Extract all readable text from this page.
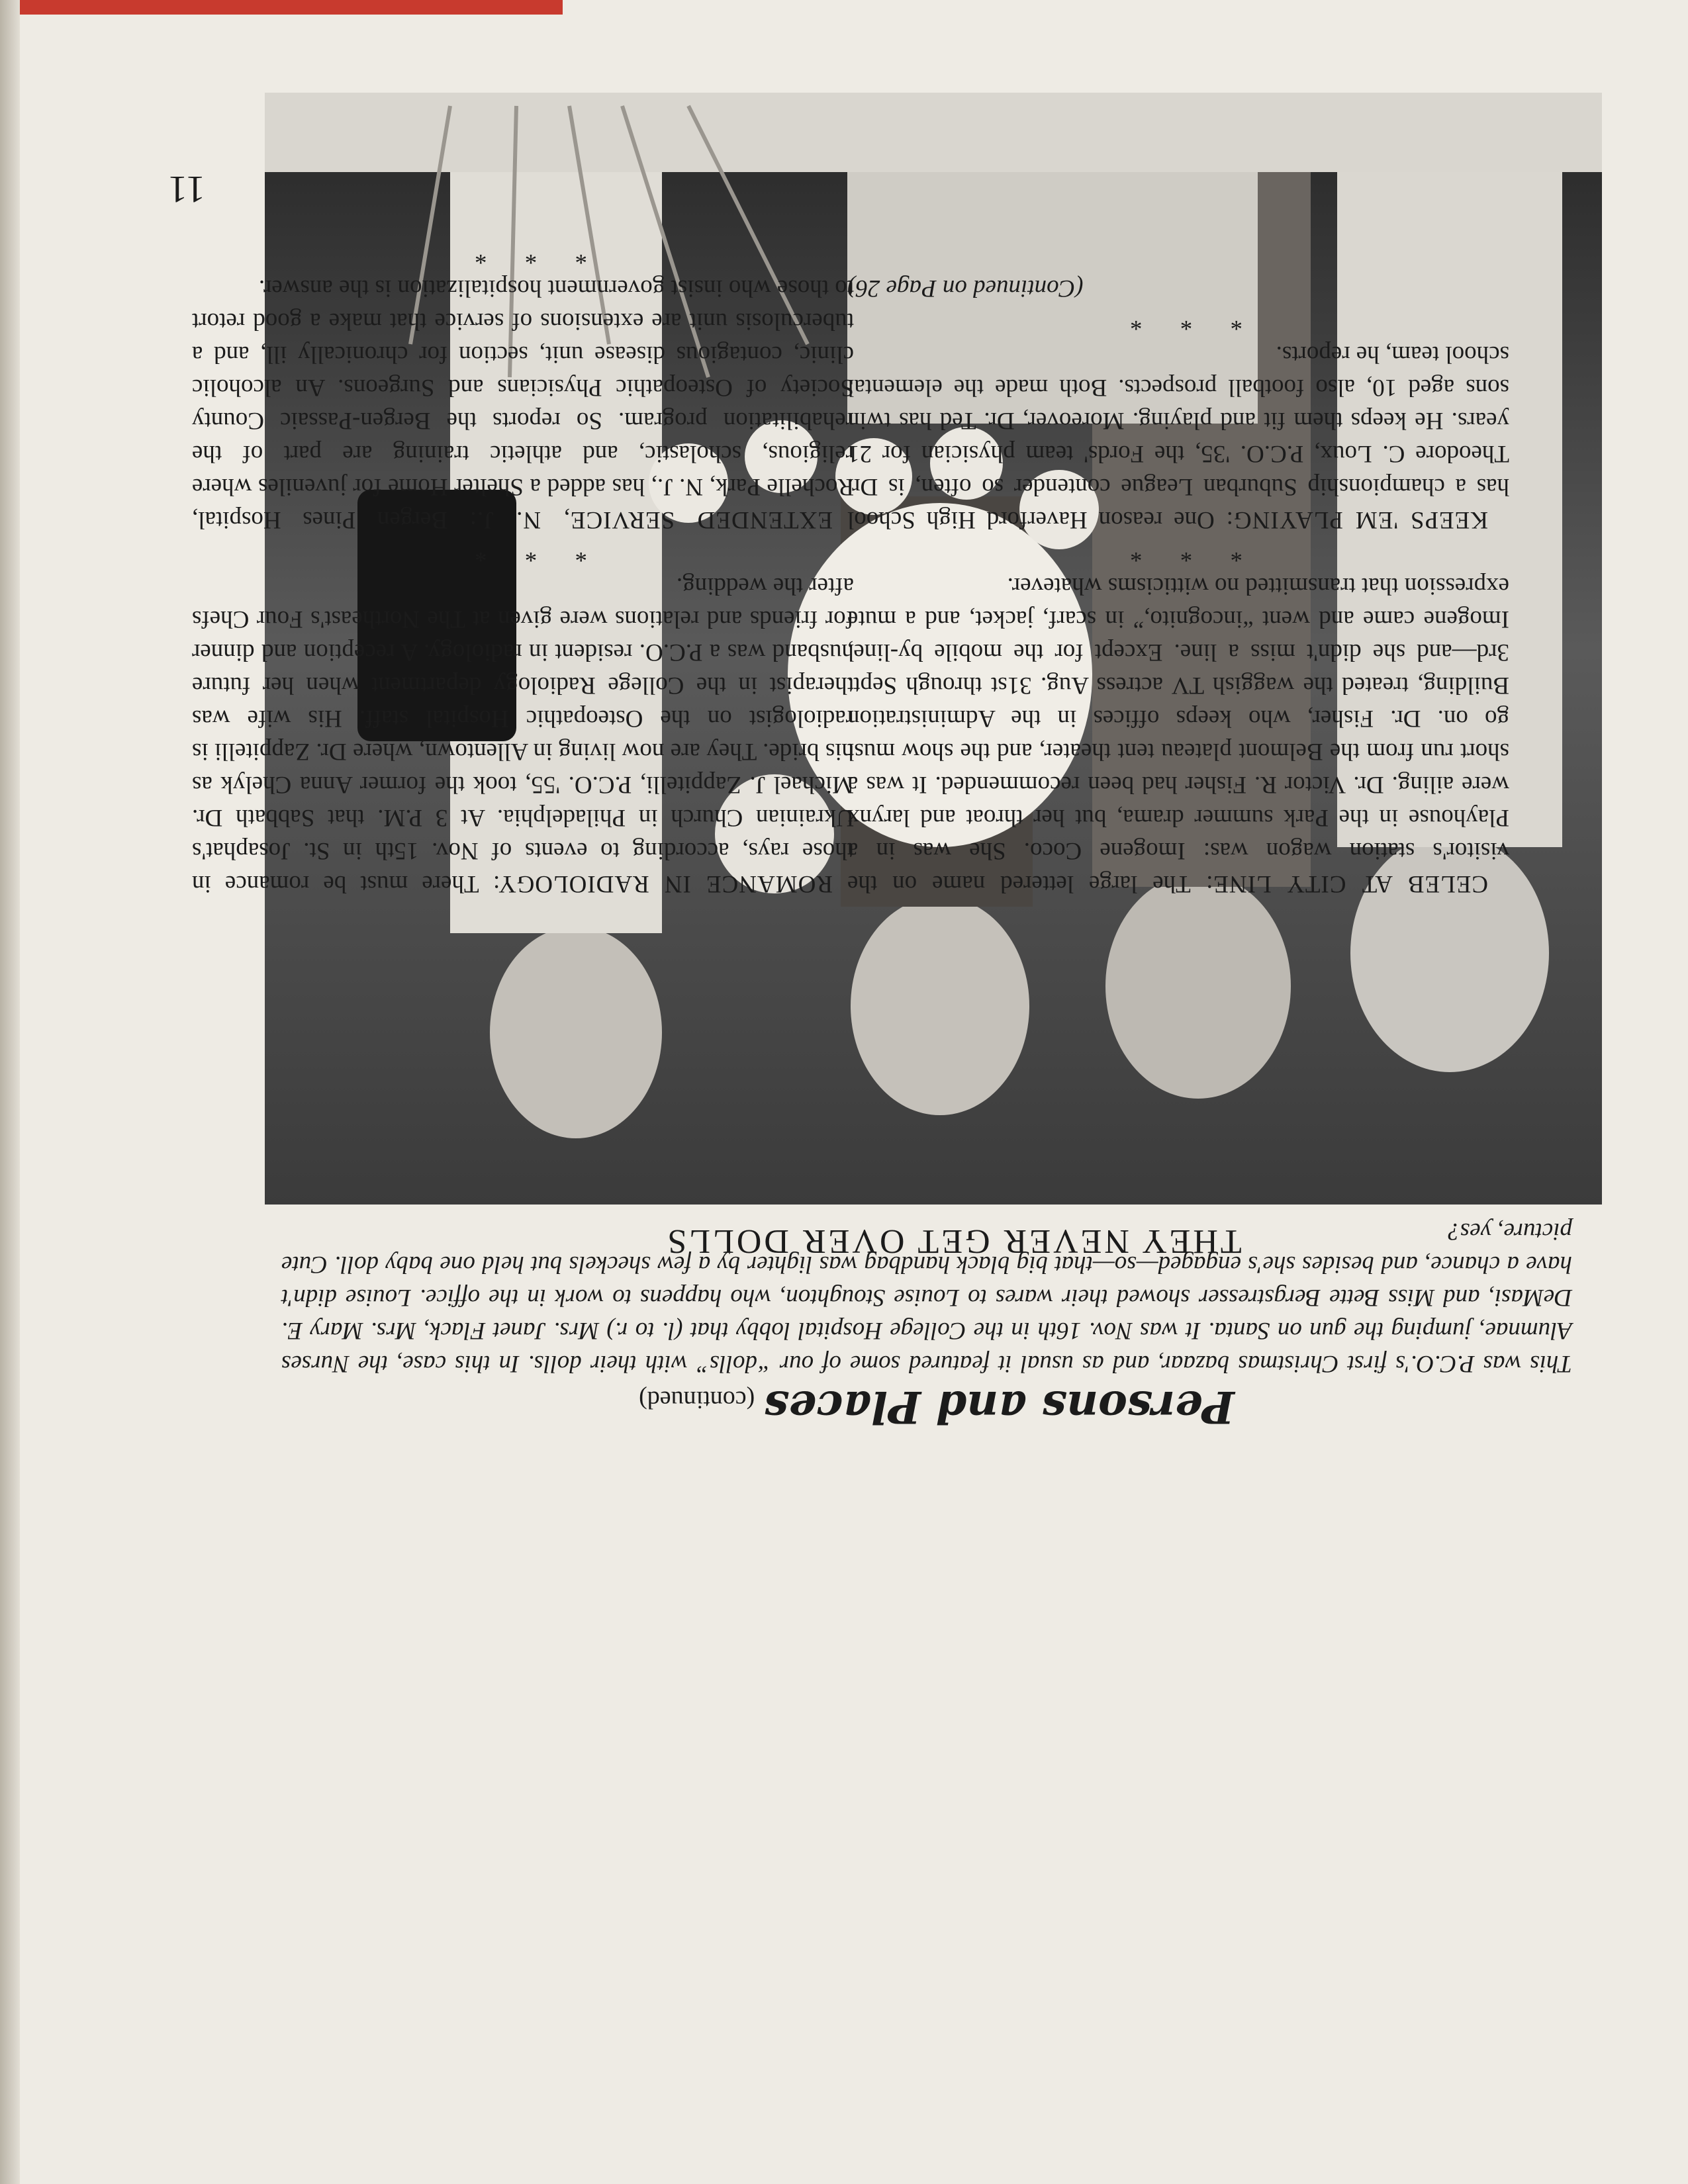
11
THEY NEVER GET OVER DOLLS
This was P.C.O.'s first Christmas bazaar, and as usual it featured some of our “dolls” with their dolls. In this case, the Nurses Alumnae, jumping the gun on Santa. It was Nov. 16th in the College Hospital lobby that (l. to r.) Mrs. Janet Flack, Mrs. Mary E. DeMasi, and Miss Bette Bergstresser showed their wares to Louise Stoughton, who happens to work in the office. Louise didn't have a chance, and besides she's engaged—so—that big black handbag was lighter by a few sheckels but held one baby doll. Cute picture, yes?
Persons and Places(continued)

CELEB AT CITY LINE: The large lettered name on the visitor's station wagon was: Imogene Coco. She was in a Playhouse in the Park summer drama, but her throat and larynx were ailing. Dr. Victor R. Fisher had been recommended. It was a short run from the Belmont plateau tent theater, and the show must go on. Dr. Fisher, who keeps offices in the Administration Building, treated the waggish TV actress Aug. 31st through Sept. 3rd—and she didn't miss a line. Except for the mobile by-line, Imogene came and went “incognito,” in scarf, jacket, and a mute expression that transmitted no witticisms whatever.

* * *

KEEPS 'EM PLAYING: One reason Haverford High School has a championship Suburban League contender so often, is Dr. Theodore C. Loux, P.C.O. '35, the Fords' team physician for 21 years. He keeps them fit and playing. Moreover, Dr. Ted has twin sons aged 10, also football prospects. Both made the elemental school team, he reports.

* * *

(Continued on Page 26)

ROMANCE IN RADIOLOGY: There must be romance in those rays, according to events of Nov. 15th in St. Josaphat's Ukrainian Church in Philadelphia. At 3 P.M. that Sabbath Dr. Michael J. Zappitelli, P.C.O. '55, took the former Anna Chelyk as his bride. They are now living in Allentown, where Dr. Zappitelli is radiologist on the Osteopathic Hospital staff. His wife was therapist in the College Radiology department when her future husband was a P.C.O. resident in radiology. A reception and dinner for friends and relations were given at The Northeast's Four Chefs after the wedding.

* * *

EXTENDED SERVICE, N. J.: Bergen Pines Hospital, Rochelle Park, N. J., has added a Shelter Home for juveniles where religious, scholastic, and athletic training are part of the rehabilitation program. So reports the Bergen-Passaic County Society of Osteopathic Physicians and Surgeons. An alcoholic clinic, contagious disease unit, section for chronically ill, and a tuberculosis unit are extensions of service that make a good retort to those who insist government hospitalization is the answer.

* * *
